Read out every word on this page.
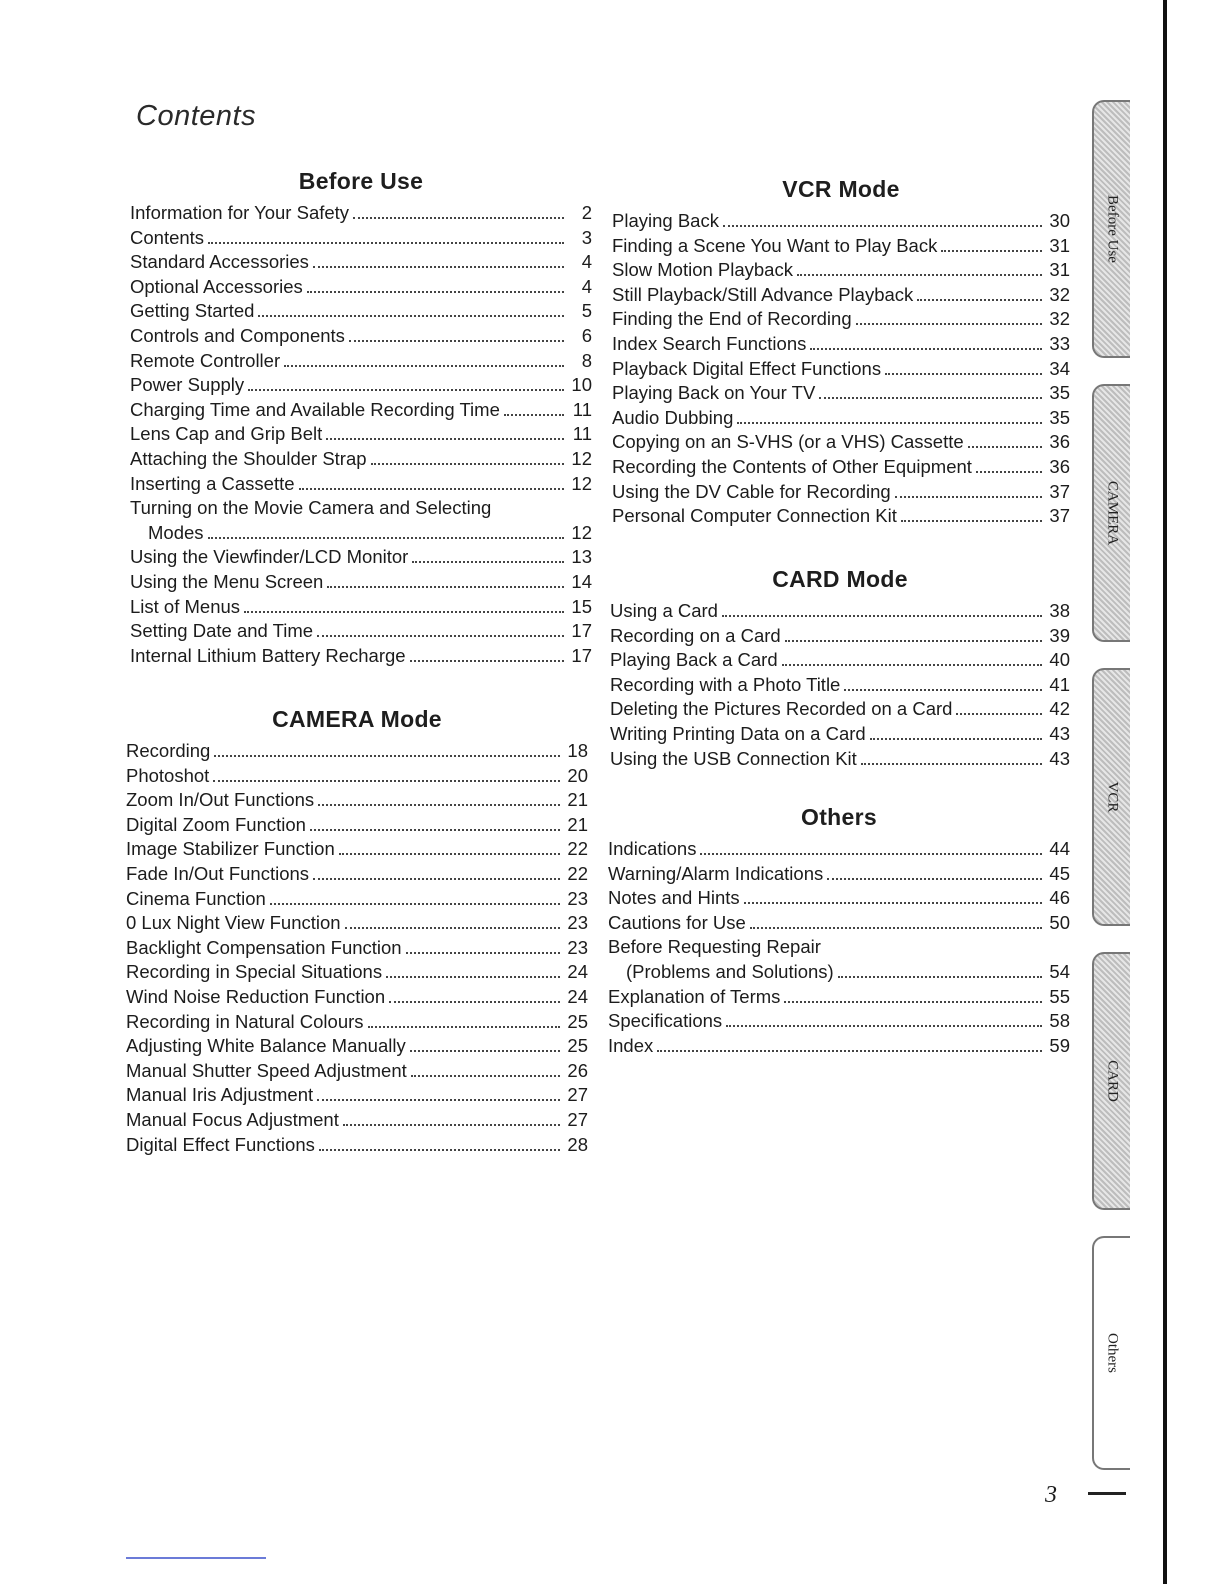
Contents
Before Use
Information for Your Safety	2
Contents	3
Standard Accessories	4
Optional Accessories	4
Getting Started	5
Controls and Components	6
Remote Controller	8
Power Supply	10
Charging Time and Available Recording Time	11
Lens Cap and Grip Belt	11
Attaching the Shoulder Strap	12
Inserting a Cassette	12
Turning on the Movie Camera and Selecting
Modes	12
Using the Viewfinder/LCD Monitor	13
Using the Menu Screen	14
List of Menus	15
Setting Date and Time	17
Internal Lithium Battery Recharge	17
CAMERA Mode
Recording	18
Photoshot	20
Zoom In/Out Functions	21
Digital Zoom Function	21
Image Stabilizer Function	22
Fade In/Out Functions	22
Cinema Function	23
0 Lux Night View Function	23
Backlight Compensation Function	23
Recording in Special Situations	24
Wind Noise Reduction Function	24
Recording in Natural Colours	25
Adjusting White Balance Manually	25
Manual Shutter Speed Adjustment	26
Manual Iris Adjustment	27
Manual Focus Adjustment	27
Digital Effect Functions	28
VCR Mode
Playing Back	30
Finding a Scene You Want to Play Back	31
Slow Motion Playback	31
Still Playback/Still Advance Playback	32
Finding the End of Recording	32
Index Search Functions	33
Playback Digital Effect Functions	34
Playing Back on Your TV	35
Audio Dubbing	35
Copying on an S-VHS (or a VHS) Cassette	36
Recording the Contents of Other Equipment	36
Using the DV Cable for Recording	37
Personal Computer Connection Kit	37
CARD Mode
Using a Card	38
Recording on a Card	39
Playing Back a Card	40
Recording with a Photo Title	41
Deleting the Pictures Recorded on a Card	42
Writing Printing Data on a Card	43
Using the USB Connection Kit	43
Others
Indications	44
Warning/Alarm Indications	45
Notes and Hints	46
Cautions for Use	50
Before Requesting Repair
(Problems and Solutions)	54
Explanation of Terms	55
Specifications	58
Index	59
Before Use
CAMERA
VCR
CARD
Others
3
